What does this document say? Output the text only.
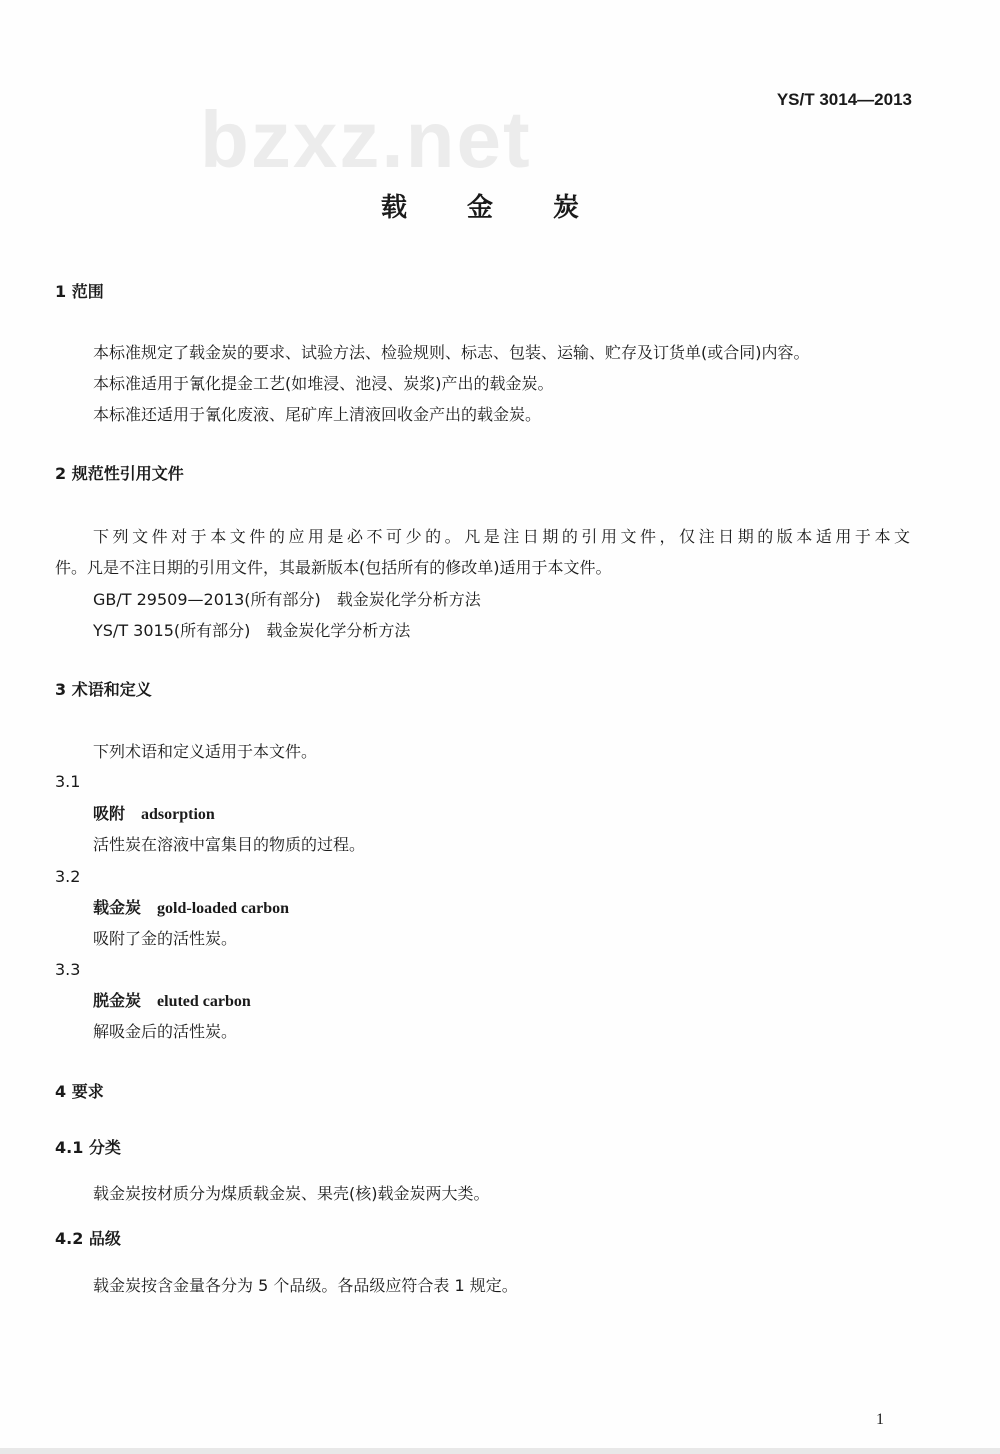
YS/T 3014—2013
bzxz.net
载金炭
1 范围
本标准规定了载金炭的要求、试验方法、检验规则、标志、包装、运输、贮存及订货单(或合同)内容。
本标准适用于氰化提金工艺(如堆浸、池浸、炭浆)产出的载金炭。
本标准还适用于氰化废液、尾矿库上清液回收金产出的载金炭。
2 规范性引用文件
下列文件对于本文件的应用是必不可少的。凡是注日期的引用文件，仅注日期的版本适用于本文
件。凡是不注日期的引用文件，其最新版本(包括所有的修改单)适用于本文件。
GB/T 29509—2013(所有部分)　载金炭化学分析方法
YS/T 3015(所有部分)　载金炭化学分析方法
3 术语和定义
下列术语和定义适用于本文件。
3.1
吸附 adsorption
活性炭在溶液中富集目的物质的过程。
3.2
载金炭 gold-loaded carbon
吸附了金的活性炭。
3.3
脱金炭 eluted carbon
解吸金后的活性炭。
4 要求
4.1 分类
载金炭按材质分为煤质载金炭、果壳(核)载金炭两大类。
4.2 品级
载金炭按含金量各分为 5 个品级。各品级应符合表 1 规定。
1
